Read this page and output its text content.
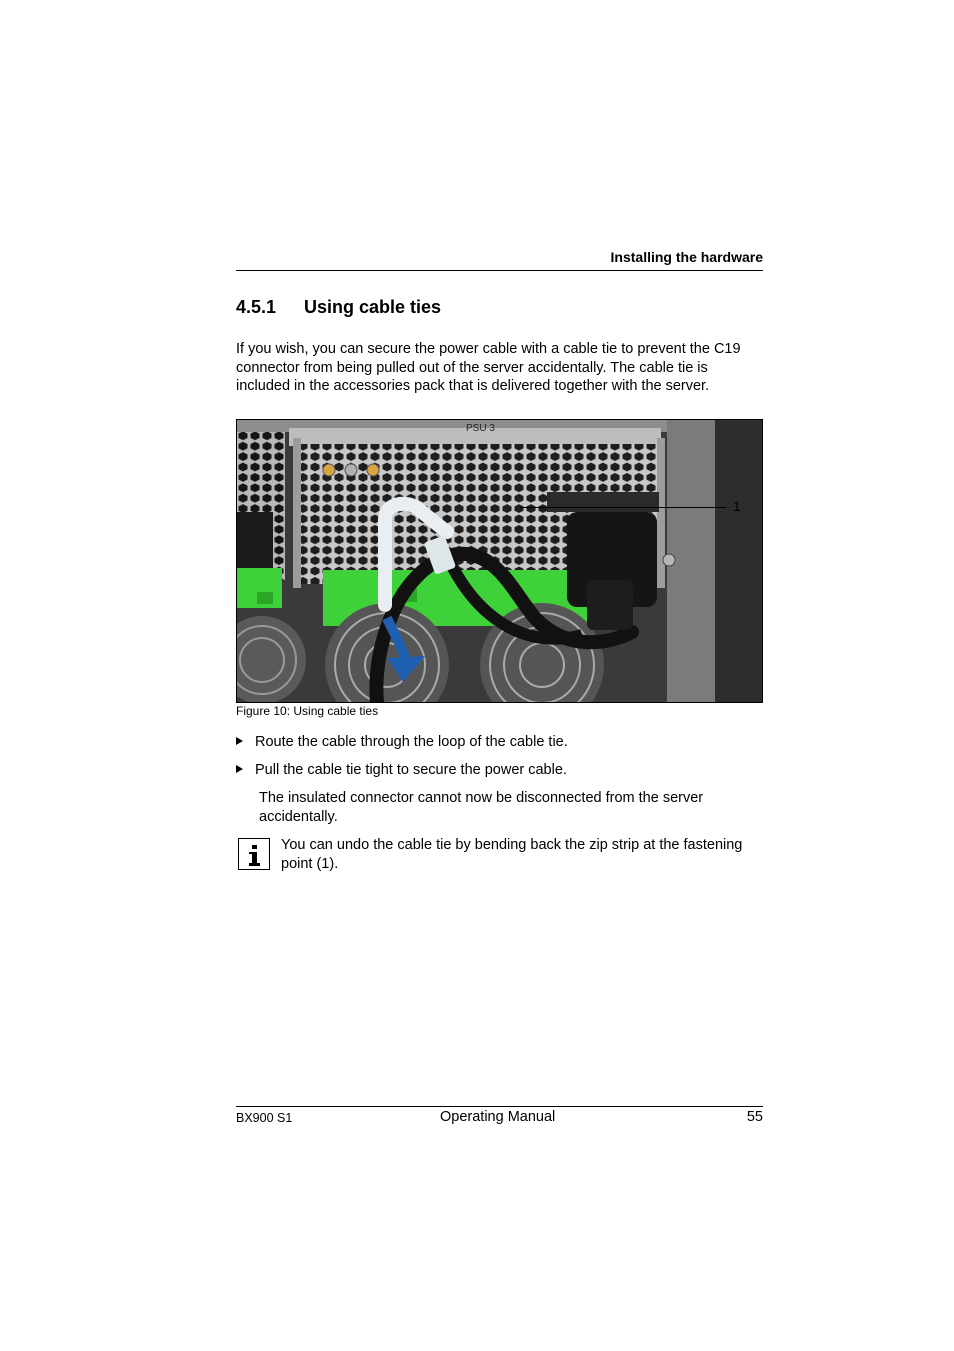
Installing the hardware
4.5.1 Using cable ties
If you wish, you can secure the power cable with a cable tie to prevent the C19 connector from being pulled out of the server accidentally. The cable tie is included in the accessories pack that is delivered together with the server.
PSU 3
1
Figure 10: Using cable ties
Route the cable through the loop of the cable tie.
Pull the cable tie tight to secure the power cable.
The insulated connector cannot now be disconnected from the server accidentally.
You can undo the cable tie by bending back the zip strip at the fastening point (1).
BX900 S1	Operating Manual	55
